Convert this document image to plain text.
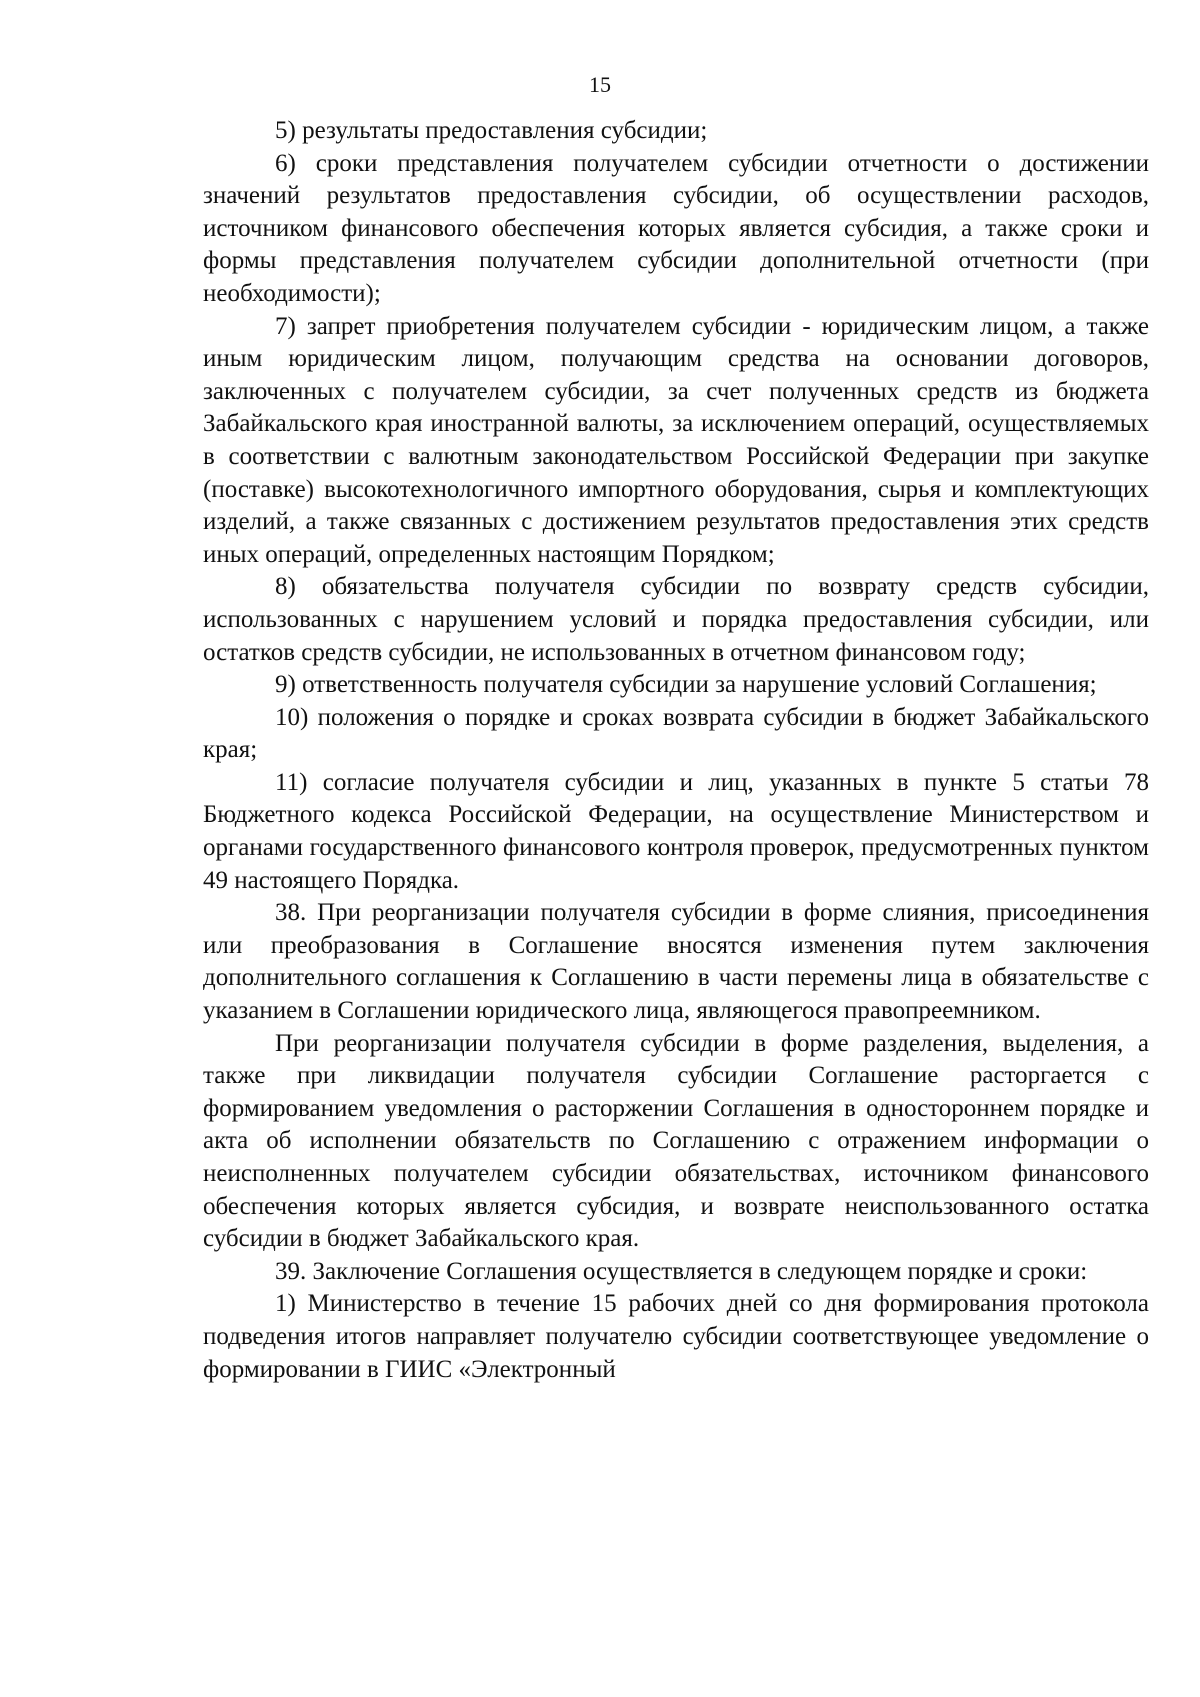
15

5) результаты предоставления субсидии;

6) сроки представления получателем субсидии отчетности о достижении значений результатов предоставления субсидии, об осуществлении расходов, источником финансового обеспечения которых является субсидия, а также сроки и формы представления получателем субсидии дополнительной отчетности (при необходимости);

7) запрет приобретения получателем субсидии - юридическим лицом, а также иным юридическим лицом, получающим средства на основании договоров, заключенных с получателем субсидии, за счет полученных средств из бюджета Забайкальского края иностранной валюты, за исключением операций, осуществляемых в соответствии с валютным законодательством Российской Федерации при закупке (поставке) высокотехнологичного импортного оборудования, сырья и комплектующих изделий, а также связанных с достижением результатов предоставления этих средств иных операций, определенных настоящим Порядком;

8) обязательства получателя субсидии по возврату средств субсидии, использованных с нарушением условий и порядка предоставления субсидии, или остатков средств субсидии, не использованных в отчетном финансовом году;

9) ответственность получателя субсидии за нарушение условий Соглашения;

10) положения о порядке и сроках возврата субсидии в бюджет Забайкальского края;

11) согласие получателя субсидии и лиц, указанных в пункте 5 статьи 78 Бюджетного кодекса Российской Федерации, на осуществление Министерством и органами государственного финансового контроля проверок, предусмотренных пунктом 49 настоящего Порядка.

38. При реорганизации получателя субсидии в форме слияния, присоединения или преобразования в Соглашение вносятся изменения путем заключения дополнительного соглашения к Соглашению в части перемены лица в обязательстве с указанием в Соглашении юридического лица, являющегося правопреемником.

При реорганизации получателя субсидии в форме разделения, выделения, а также при ликвидации получателя субсидии Соглашение расторгается с формированием уведомления о расторжении Соглашения в одностороннем порядке и акта об исполнении обязательств по Соглашению с отражением информации о неисполненных получателем субсидии обязательствах, источником финансового обеспечения которых является субсидия, и возврате неиспользованного остатка субсидии в бюджет Забайкальского края.

39. Заключение Соглашения осуществляется в следующем порядке и сроки:

1) Министерство в течение 15 рабочих дней со дня формирования протокола подведения итогов направляет получателю субсидии соответствующее уведомление о формировании в ГИИС «Электронный
